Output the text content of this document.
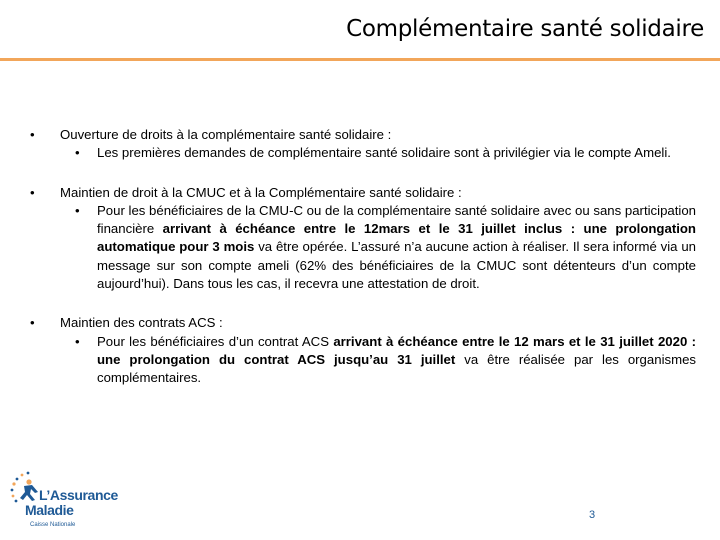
Complémentaire santé solidaire
•	Ouverture de droits à la complémentaire santé solidaire :
• Les premières demandes de complémentaire santé solidaire sont à privilégier via le compte Ameli.
•	Maintien de droit à la CMUC et à la Complémentaire santé solidaire :
• Pour les bénéficiaires de la CMU-C ou de la complémentaire santé solidaire avec ou sans participation financière arrivant à échéance entre le 12mars et le 31 juillet inclus : une prolongation automatique pour 3 mois va être opérée. L’assuré n’a aucune action à réaliser. Il sera informé via un message sur son compte ameli (62% des bénéficiaires de la CMUC sont détenteurs d’un compte aujourd’hui). Dans tous les cas, il recevra une attestation de droit.
•	Maintien des contrats ACS :
• Pour les bénéficiaires d’un contrat ACS arrivant à échéance entre le 12 mars et le 31 juillet 2020 : une prolongation du contrat ACS jusqu’au 31 juillet va être réalisée par les organismes complémentaires.
L’Assurance
Maladie
Caisse Nationale
3
